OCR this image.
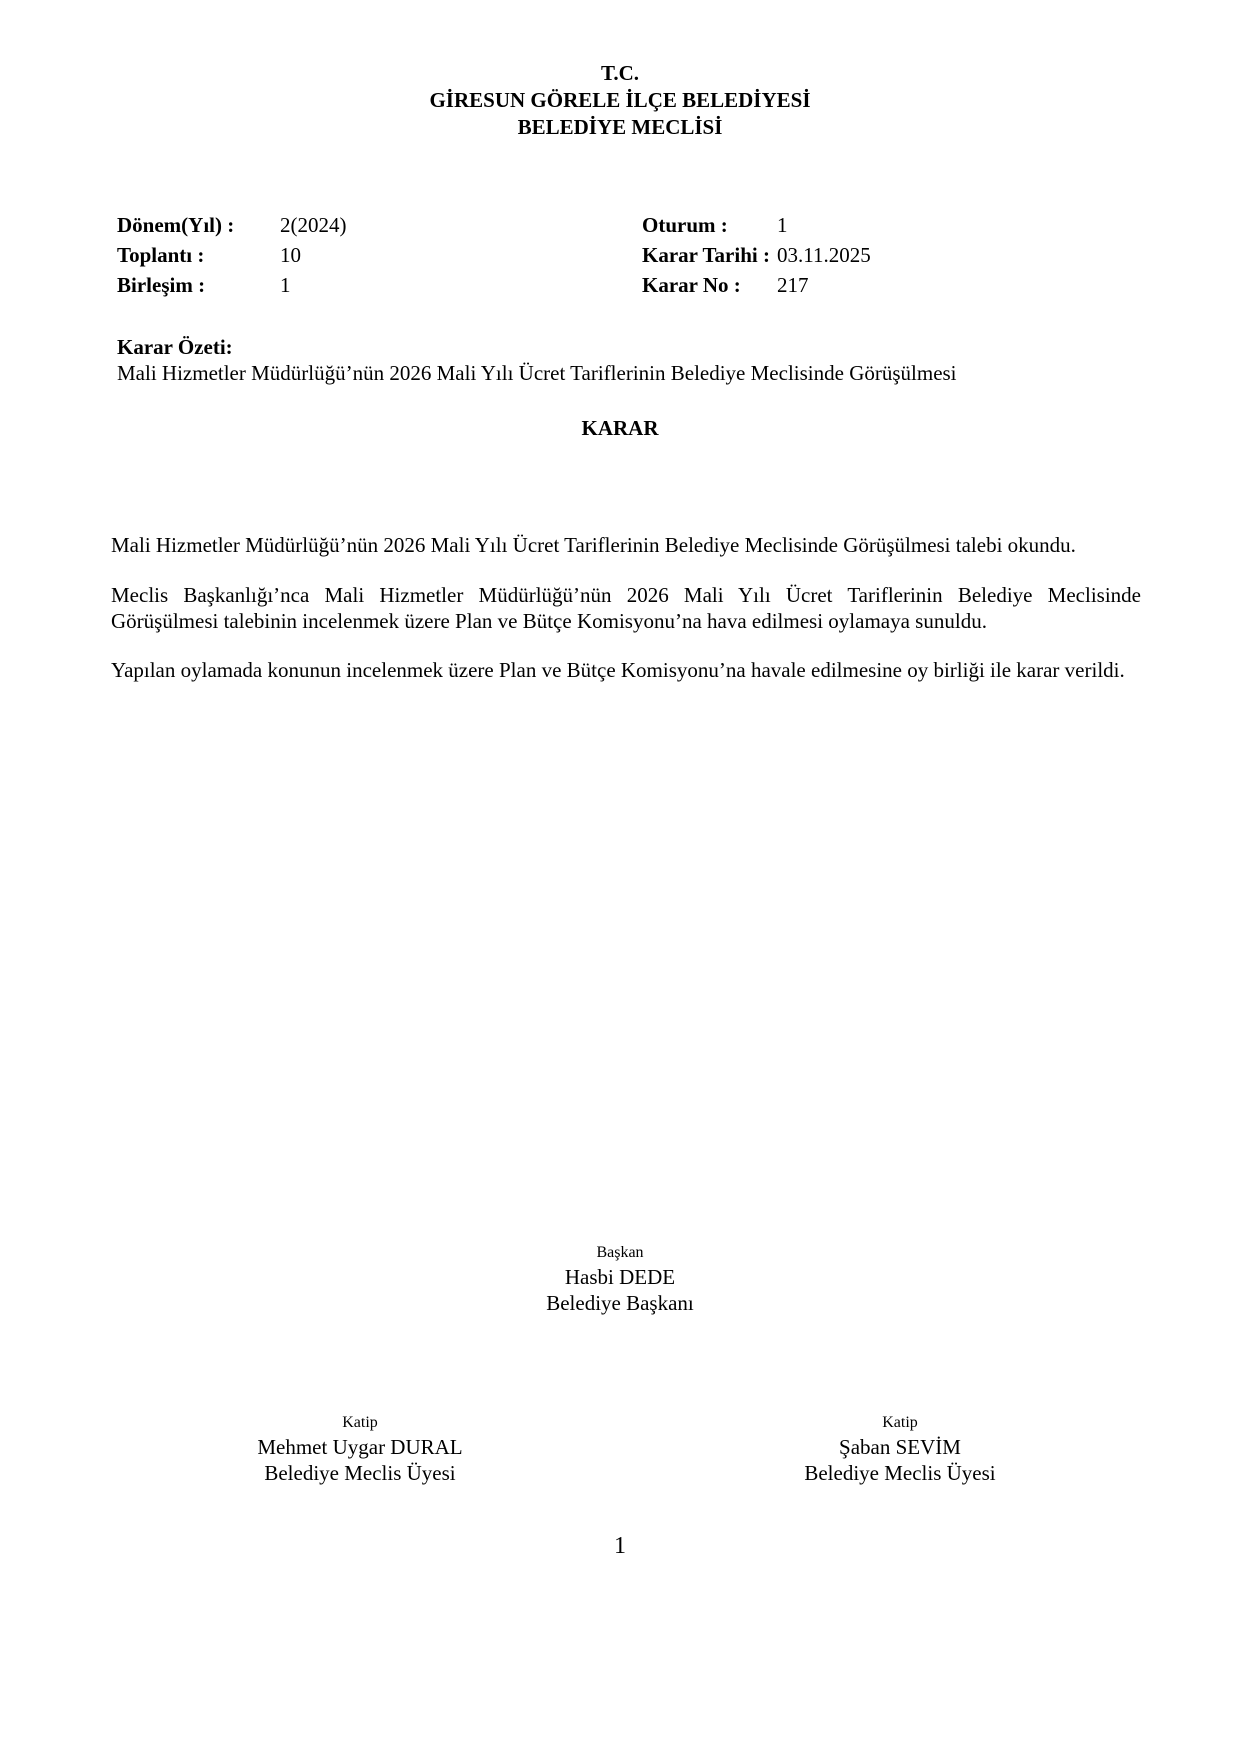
T.C.
GİRESUN GÖRELE İLÇE BELEDİYESİ
BELEDİYE MECLİSİ
Dönem(Yıl) : 2(2024)	Oturum : 1
Toplantı :	10	Karar Tarihi : 03.11.2025
Birleşim :	1	Karar No : 217
Karar Özeti:
Mali Hizmetler Müdürlüğü’nün 2026 Mali Yılı Ücret Tariflerinin Belediye Meclisinde Görüşülmesi
KARAR

Mali Hizmetler Müdürlüğü’nün 2026 Mali Yılı Ücret Tariflerinin Belediye Meclisinde Görüşülmesi talebi okundu.

Meclis Başkanlığı’nca Mali Hizmetler Müdürlüğü’nün 2026 Mali Yılı Ücret Tariflerinin Belediye Meclisinde Görüşülmesi talebinin incelenmek üzere Plan ve Bütçe Komisyonu’na hava edilmesi oylamaya sunuldu.

Yapılan oylamada konunun incelenmek üzere Plan ve Bütçe Komisyonu’na havale edilmesine oy birliği ile karar verildi.

Başkan
Hasbi DEDE
Belediye Başkanı
Katip
Mehmet Uygar DURAL
Belediye Meclis Üyesi
Katip
Şaban SEVİM
Belediye Meclis Üyesi
1
